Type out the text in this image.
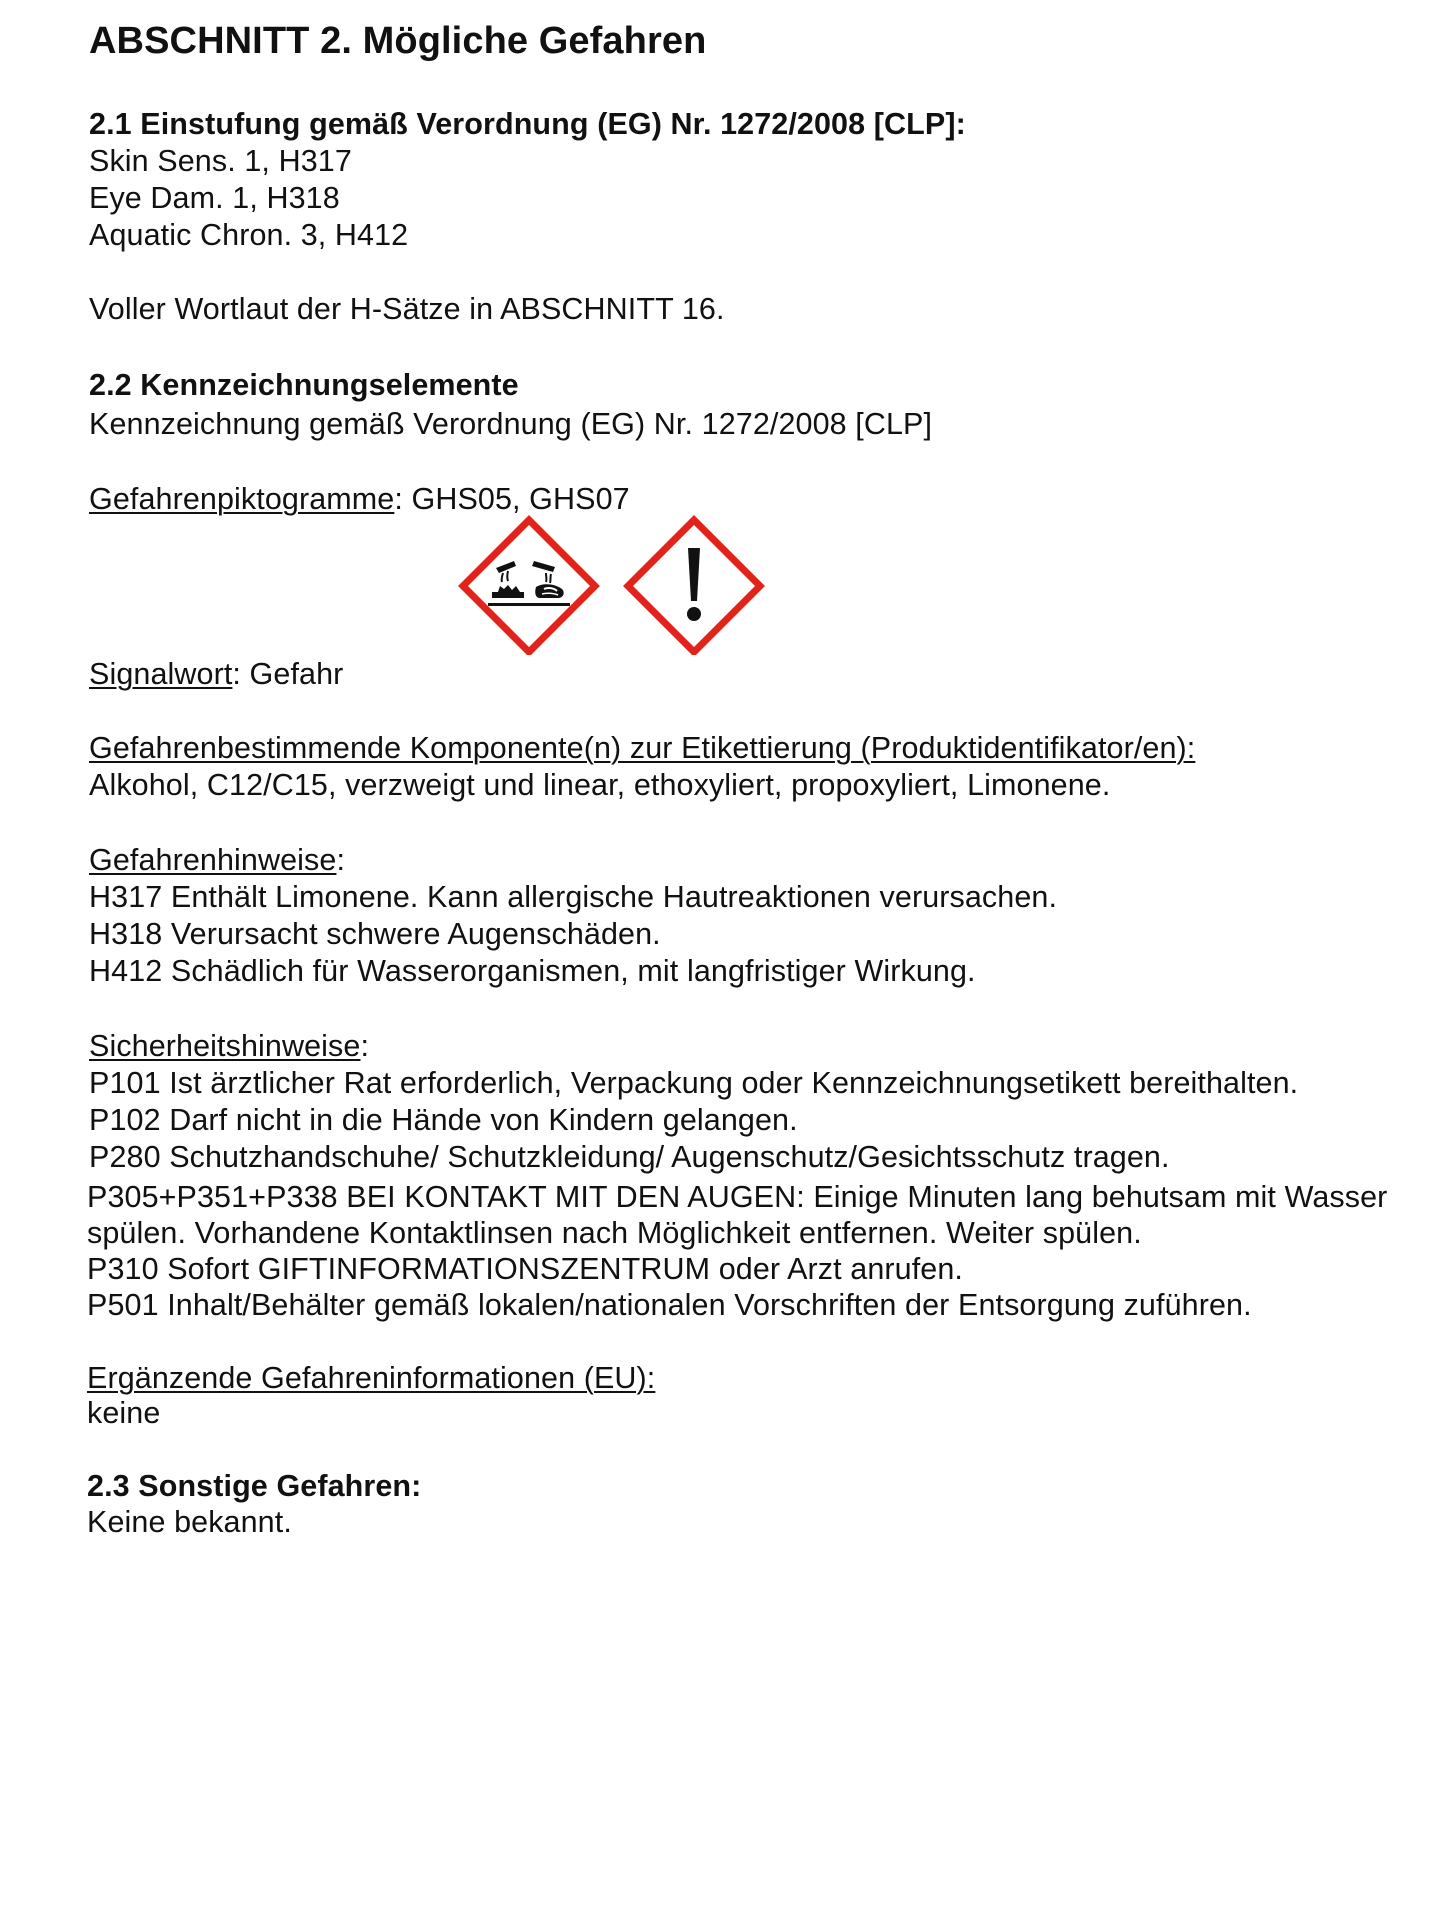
ABSCHNITT 2. Mögliche Gefahren
2.1 Einstufung gemäß Verordnung (EG) Nr. 1272/2008 [CLP]:
Skin Sens. 1, H317
Eye Dam. 1, H318
Aquatic Chron. 3, H412
Voller Wortlaut der H-Sätze in ABSCHNITT 16.
2.2 Kennzeichnungselemente
Kennzeichnung gemäß Verordnung (EG) Nr. 1272/2008 [CLP]
Gefahrenpiktogramme: GHS05, GHS07
Signalwort: Gefahr
Gefahrenbestimmende Komponente(n) zur Etikettierung (Produktidentifikator/en):
Alkohol, C12/C15, verzweigt und linear, ethoxyliert, propoxyliert, Limonene.
Gefahrenhinweise:
H317 Enthält Limonene. Kann allergische Hautreaktionen verursachen.
H318 Verursacht schwere Augenschäden.
H412 Schädlich für Wasserorganismen, mit langfristiger Wirkung.
Sicherheitshinweise:
P101 Ist ärztlicher Rat erforderlich, Verpackung oder Kennzeichnungsetikett bereithalten.
P102 Darf nicht in die Hände von Kindern gelangen.
P280 Schutzhandschuhe/ Schutzkleidung/ Augenschutz/Gesichtsschutz tragen.
P305+P351+P338 BEI KONTAKT MIT DEN AUGEN: Einige Minuten lang behutsam mit Wasser
spülen. Vorhandene Kontaktlinsen nach Möglichkeit entfernen. Weiter spülen.
P310 Sofort GIFTINFORMATIONSZENTRUM oder Arzt anrufen.
P501 Inhalt/Behälter gemäß lokalen/nationalen Vorschriften der Entsorgung zuführen.
Ergänzende Gefahreninformationen (EU):
keine
2.3 Sonstige Gefahren:
Keine bekannt.
